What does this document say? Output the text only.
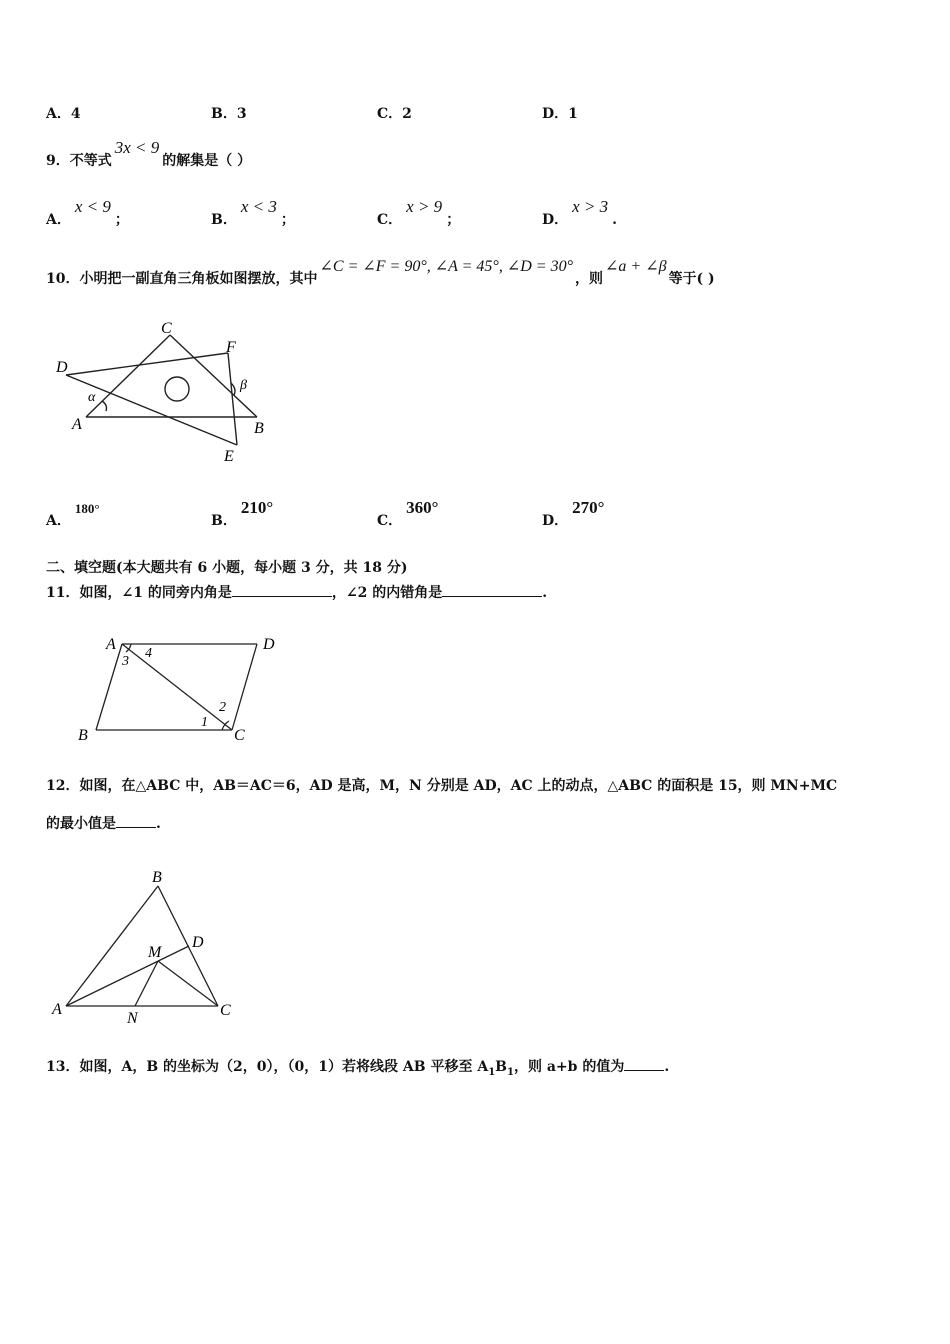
A．4	B．3	C．2	D．1
9．不等式3x < 9的解集是（ ）
A．x < 9；	B．x < 3；	C．x > 9；	D．x > 3.
10．小明把一副直角三角板如图摆放，其中∠C = ∠F = 90°, ∠A = 45°, ∠D = 30°，则∠a + ∠β等于( )
C
F
D
α
β
A	B
E
A．180°
B．210°
C．360°
D．270°
二、填空题(本大题共有 6 小题，每小题 3 分，共 18 分)
11．如图，∠1 的同旁内角是	，∠2 的内错角是	.
A	D
B	C
3
4
1
2
12．如图，在△ABC 中，AB＝AC＝6，AD 是高，M，N 分别是 AD，AC 上的动点，△ABC 的面积是 15，则 MN+MC
的最小值是	.
B
D
M
A
N	C
13．如图，A，B 的坐标为（2，0），（0，1）若将线段 AB 平移至 $A_1B_1$，则 a+b 的值为	.
